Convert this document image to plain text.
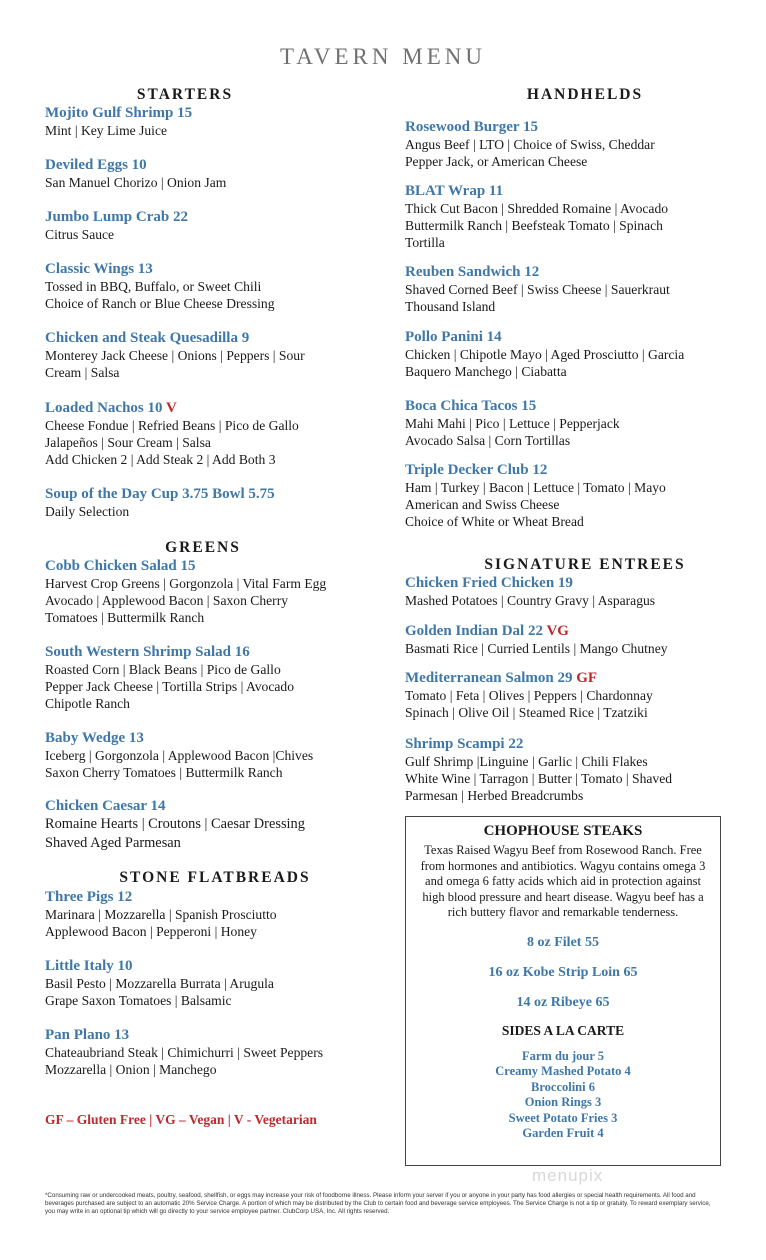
TAVERN MENU
STARTERS
Mojito Gulf Shrimp 15
Mint | Key Lime Juice
Deviled Eggs 10
San Manuel Chorizo | Onion Jam
Jumbo Lump Crab 22
Citrus Sauce
Classic Wings 13
Tossed in BBQ, Buffalo, or Sweet Chili
Choice of Ranch or Blue Cheese Dressing
Chicken and Steak Quesadilla 9
Monterey Jack Cheese | Onions | Peppers | Sour
Cream | Salsa
Loaded Nachos 10 V
Cheese Fondue | Refried Beans | Pico de Gallo
Jalapeños | Sour Cream | Salsa
Add Chicken 2 | Add Steak 2 | Add Both 3
Soup of the Day Cup 3.75 Bowl 5.75
Daily Selection
GREENS
Cobb Chicken Salad 15
Harvest Crop Greens | Gorgonzola | Vital Farm Egg
Avocado | Applewood Bacon | Saxon Cherry
Tomatoes | Buttermilk Ranch
South Western Shrimp Salad 16
Roasted Corn | Black Beans | Pico de Gallo
Pepper Jack Cheese | Tortilla Strips | Avocado
Chipotle Ranch
Baby Wedge 13
Iceberg | Gorgonzola | Applewood Bacon |Chives
Saxon Cherry Tomatoes | Buttermilk Ranch
Chicken Caesar 14
Romaine Hearts | Croutons | Caesar Dressing
Shaved Aged Parmesan
STONE FLATBREADS
Three Pigs 12
Marinara | Mozzarella | Spanish Prosciutto
Applewood Bacon | Pepperoni | Honey
Little Italy 10
Basil Pesto | Mozzarella Burrata | Arugula
Grape Saxon Tomatoes | Balsamic
Pan Plano 13
Chateaubriand Steak | Chimichurri | Sweet Peppers
Mozzarella | Onion | Manchego
GF – Gluten Free | VG – Vegan | V - Vegetarian
HANDHELDS
Rosewood Burger 15
Angus Beef | LTO | Choice of Swiss, Cheddar
Pepper Jack, or American Cheese
BLAT Wrap 11
Thick Cut Bacon | Shredded Romaine | Avocado
Buttermilk Ranch | Beefsteak Tomato | Spinach
Tortilla
Reuben Sandwich 12
Shaved Corned Beef | Swiss Cheese | Sauerkraut
Thousand Island
Pollo Panini 14
Chicken | Chipotle Mayo | Aged Prosciutto | Garcia
Baquero Manchego | Ciabatta
Boca Chica Tacos 15
Mahi Mahi | Pico | Lettuce | Pepperjack
Avocado Salsa | Corn Tortillas
Triple Decker Club 12
Ham | Turkey | Bacon | Lettuce | Tomato | Mayo
American and Swiss Cheese
Choice of White or Wheat Bread
SIGNATURE ENTREES
Chicken Fried Chicken 19
Mashed Potatoes | Country Gravy | Asparagus
Golden Indian Dal 22 VG
Basmati Rice | Curried Lentils | Mango Chutney
Mediterranean Salmon 29 GF
Tomato | Feta | Olives | Peppers | Chardonnay
Spinach | Olive Oil | Steamed Rice | Tzatziki
Shrimp Scampi 22
Gulf Shrimp |Linguine | Garlic | Chili Flakes
White Wine | Tarragon | Butter | Tomato | Shaved
Parmesan | Herbed Breadcrumbs
CHOPHOUSE STEAKS
Texas Raised Wagyu Beef from Rosewood Ranch. Free from hormones and antibiotics. Wagyu contains omega 3 and omega 6 fatty acids which aid in protection against high blood pressure and heart disease. Wagyu beef has a rich buttery flavor and remarkable tenderness.
8 oz Filet 55
16 oz Kobe Strip Loin 65
14 oz Ribeye 65
SIDES A LA CARTE
Farm du jour 5
Creamy Mashed Potato 4
Broccolini 6
Onion Rings 3
Sweet Potato Fries 3
Garden Fruit 4
menupix
*Consuming raw or undercooked meats, poultry, seafood, shellfish, or eggs may increase your risk of foodborne illness. Please inform your server if you or anyone in your party has food allergies or special health requirements. All food and beverages purchased are subject to an automatic 20% Service Charge. A portion of which may be distributed by the Club to certain food and beverage service employees. The Service Charge is not a tip or gratuity. To reward exemplary service, you may write in an optional tip which will go directly to your service employee partner. ClubCorp USA, Inc. All rights reserved.
